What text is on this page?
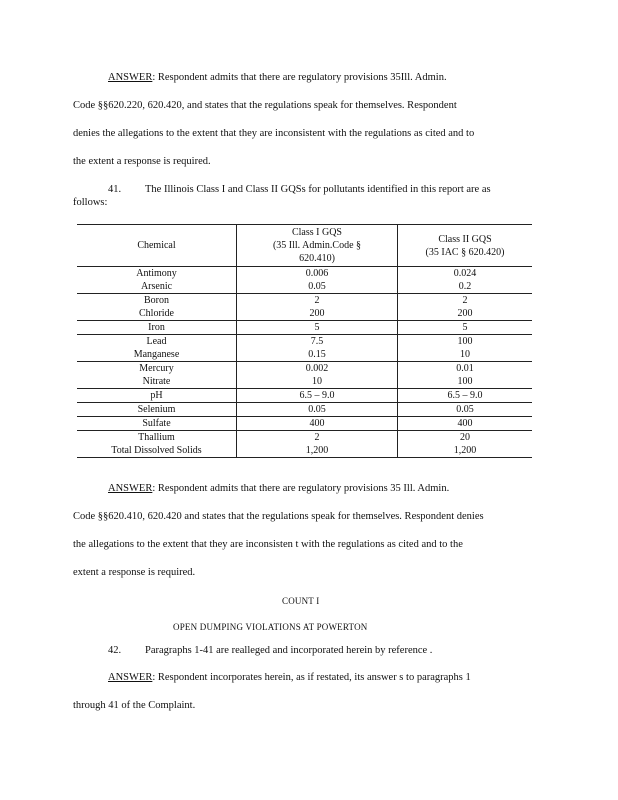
ANSWER: Respondent admits that there are regulatory provisions 35Ill. Admin.
Code §§620.220, 620.420, and states that the regulations speak for themselves. Respondent
denies the allegations to the extent that they are inconsistent with the regulations as cited and to
the extent a response is required.
41. The Illinois Class I and Class II GQSs for pollutants identified in this report are as
follows:
Chemical	Class I GQS
(35 Ill. Admin.Code §
620.410)	Class II GQS
(35 IAC § 620.420)

Antimony	0.006	0.024
Arsenic	0.05	0.2
Boron	2	2
Chloride	200	200
Iron	5	5
Lead	7.5	100
Manganese	0.15	10
Mercury	0.002	0.01
Nitrate	10	100
pH	6.5 – 9.0	6.5 – 9.0
Selenium	0.05	0.05
Sulfate	400	400
Thallium	2	20
Total Dissolved Solids	1,200	1,200
ANSWER: Respondent admits that there are regulatory provisions 35 Ill. Admin.
Code §§620.410, 620.420 and states that the regulations speak for themselves. Respondent denies
the allegations to the extent that they are inconsisten t with the regulations as cited and to the
extent a response is required.
COUNT I
OPEN DUMPING VIOLATIONS AT POWERTON
42. Paragraphs 1-41 are realleged and incorporated herein by reference .
ANSWER: Respondent incorporates herein, as if restated, its answer s to paragraphs 1
through 41 of the Complaint.
